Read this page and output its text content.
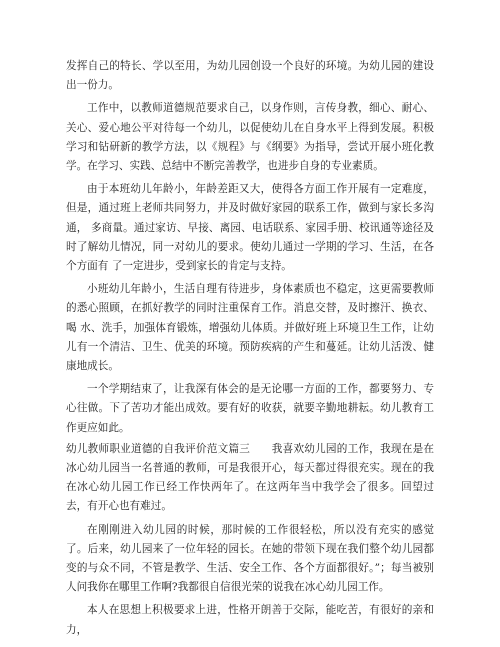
发挥自己的特长、学以至用，为幼儿园创设一个良好的环境。为幼儿园的建设出一份力。

工作中，以教师道德规范要求自己，以身作则，言传身教，细心、耐心、关心、爱心地公平对待每一个幼儿，以促使幼儿在自身水平上得到发展。积极学习和钻研新的教学方法，以《规程》与《纲要》为指导，尝试开展小班化教学。在学习、实践、总结中不断完善教学，也进步自身的专业素质。

由于本班幼儿年龄小，年龄差距又大，使得各方面工作开展有一定难度，但是，通过班上老师共同努力，并及时做好家园的联系工作，做到与家长多沟 通， 多商量。通过家访、早接、离园、电话联系、家园手册、校讯通等途径及时了解幼儿情况，同一对幼儿的要求。使幼儿通过一学期的学习、生活，在各个方面有 了一定进步，受到家长的肯定与支持。

小班幼儿年龄小，生活自理有待进步，身体素质也不稳定，这更需要教师的悉心照顾，在抓好教学的同时注重保育工作。消息交替，及时擦汗、换衣、喝 水、洗手，加强体育锻炼，增强幼儿体质。并做好班上环境卫生工作，让幼儿有一个清洁、卫生、优美的环境。预防疾病的产生和蔓延。让幼儿活泼、健康地成长。

一个学期结束了，让我深有体会的是无论哪一方面的工作，都要努力、专心往做。下了苦功才能出成效。要有好的收获，就要辛勤地耕耘。幼儿教育工作更应如此。

幼儿教师职业道德的自我评价范文篇三　　我喜欢幼儿园的工作，我现在是在冰心幼儿园当一名普通的教师，可是我很开心，每天都过得很充实。现在的我在冰心幼儿园工作已经工作快两年了。在这两年当中我学会了很多。回望过去，有开心也有难过。

在刚刚进入幼儿园的时候，那时候的工作很轻松，所以没有充实的感觉了。后来，幼儿园来了一位年轻的园长。在她的带领下现在我们整个幼儿园都变的与众不同，不管是教学、生活、安全工作、各个方面都很好。”；每当被别人问我你在哪里工作啊?我都很自信很光荣的说我在冰心幼儿园工作。

本人在思想上积极要求上进，性格开朗善于交际，能吃苦，有很好的亲和力，
